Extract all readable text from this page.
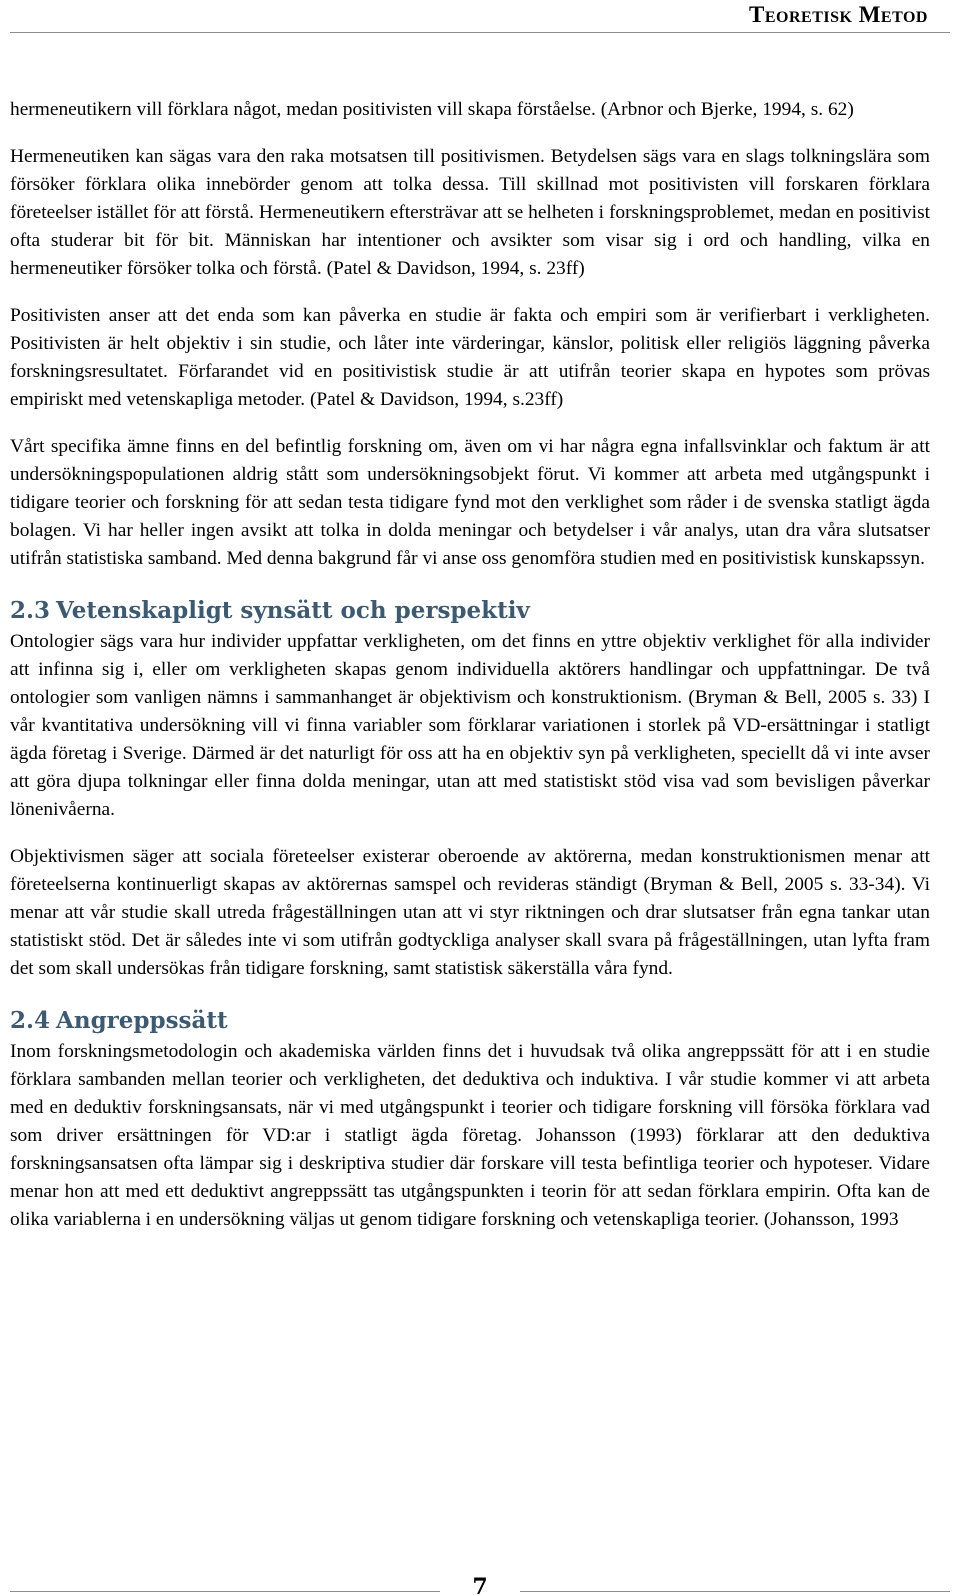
Teoretisk Metod

hermeneutikern vill förklara något, medan positivisten vill skapa förståelse. (Arbnor och Bjerke, 1994, s. 62)

Hermeneutiken kan sägas vara den raka motsatsen till positivismen. Betydelsen sägs vara en slags tolkningslära som försöker förklara olika innebörder genom att tolka dessa. Till skillnad mot positivisten vill forskaren förklara företeelser istället för att förstå. Hermeneutikern eftersträvar att se helheten i forskningsproblemet, medan en positivist ofta studerar bit för bit. Människan har intentioner och avsikter som visar sig i ord och handling, vilka en hermeneutiker försöker tolka och förstå. (Patel & Davidson, 1994, s. 23ff)

Positivisten anser att det enda som kan påverka en studie är fakta och empiri som är verifierbart i verkligheten. Positivisten är helt objektiv i sin studie, och låter inte värderingar, känslor, politisk eller religiös läggning påverka forskningsresultatet. Förfarandet vid en positivistisk studie är att utifrån teorier skapa en hypotes som prövas empiriskt med vetenskapliga metoder. (Patel & Davidson, 1994, s.23ff)

Vårt specifika ämne finns en del befintlig forskning om, även om vi har några egna infallsvinklar och faktum är att undersökningspopulationen aldrig stått som undersökningsobjekt förut. Vi kommer att arbeta med utgångspunkt i tidigare teorier och forskning för att sedan testa tidigare fynd mot den verklighet som råder i de svenska statligt ägda bolagen. Vi har heller ingen avsikt att tolka in dolda meningar och betydelser i vår analys, utan dra våra slutsatser utifrån statistiska samband. Med denna bakgrund får vi anse oss genomföra studien med en positivistisk kunskapssyn.

2.3 Vetenskapligt synsätt och perspektiv

Ontologier sägs vara hur individer uppfattar verkligheten, om det finns en yttre objektiv verklighet för alla individer att infinna sig i, eller om verkligheten skapas genom individuella aktörers handlingar och uppfattningar. De två ontologier som vanligen nämns i sammanhanget är objektivism och konstruktionism. (Bryman & Bell, 2005 s. 33) I vår kvantitativa undersökning vill vi finna variabler som förklarar variationen i storlek på VD-ersättningar i statligt ägda företag i Sverige. Därmed är det naturligt för oss att ha en objektiv syn på verkligheten, speciellt då vi inte avser att göra djupa tolkningar eller finna dolda meningar, utan att med statistiskt stöd visa vad som bevisligen påverkar lönenivåerna.

Objektivismen säger att sociala företeelser existerar oberoende av aktörerna, medan konstruktionismen menar att företeelserna kontinuerligt skapas av aktörernas samspel och revideras ständigt (Bryman & Bell, 2005 s. 33-34). Vi menar att vår studie skall utreda frågeställningen utan att vi styr riktningen och drar slutsatser från egna tankar utan statistiskt stöd. Det är således inte vi som utifrån godtyckliga analyser skall svara på frågeställningen, utan lyfta fram det som skall undersökas från tidigare forskning, samt statistisk säkerställa våra fynd.

2.4 Angreppssätt

Inom forskningsmetodologin och akademiska världen finns det i huvudsak två olika angreppssätt för att i en studie förklara sambanden mellan teorier och verkligheten, det deduktiva och induktiva. I vår studie kommer vi att arbeta med en deduktiv forskningsansats, när vi med utgångspunkt i teorier och tidigare forskning vill försöka förklara vad som driver ersättningen för VD:ar i statligt ägda företag. Johansson (1993) förklarar att den deduktiva forskningsansatsen ofta lämpar sig i deskriptiva studier där forskare vill testa befintliga teorier och hypoteser. Vidare menar hon att med ett deduktivt angreppssätt tas utgångspunkten i teorin för att sedan förklara empirin. Ofta kan de olika variablerna i en undersökning väljas ut genom tidigare forskning och vetenskapliga teorier. (Johansson, 1993

7
